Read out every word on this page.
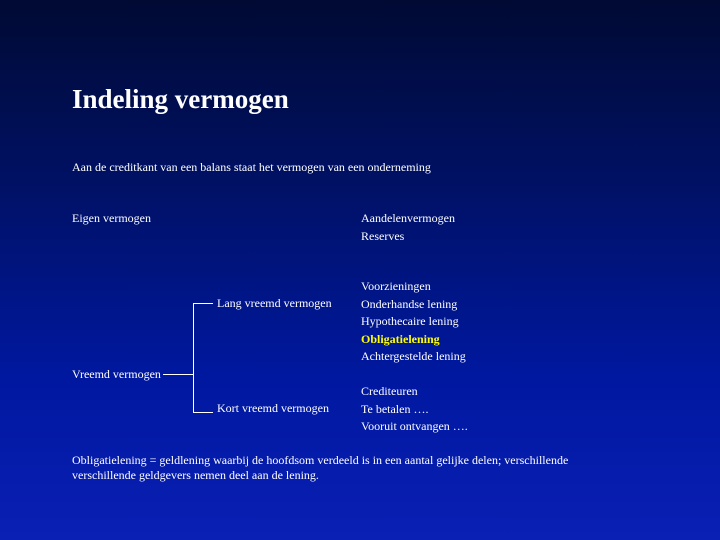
Indeling vermogen
Aan de creditkant van een balans staat het vermogen van een onderneming
Eigen vermogen	Aandelenvermogen
Reserves
Vreemd vermogen
Lang vreemd vermogen
Voorzieningen
Onderhandse lening
Hypothecaire lening
Obligatielening
Achtergestelde lening
Kort vreemd vermogen
Crediteuren
Te betalen ….
Vooruit ontvangen ….
Obligatielening = geldlening waarbij de hoofdsom verdeeld is in een aantal gelijke delen; verschillende
verschillende geldgevers nemen deel aan de lening.
